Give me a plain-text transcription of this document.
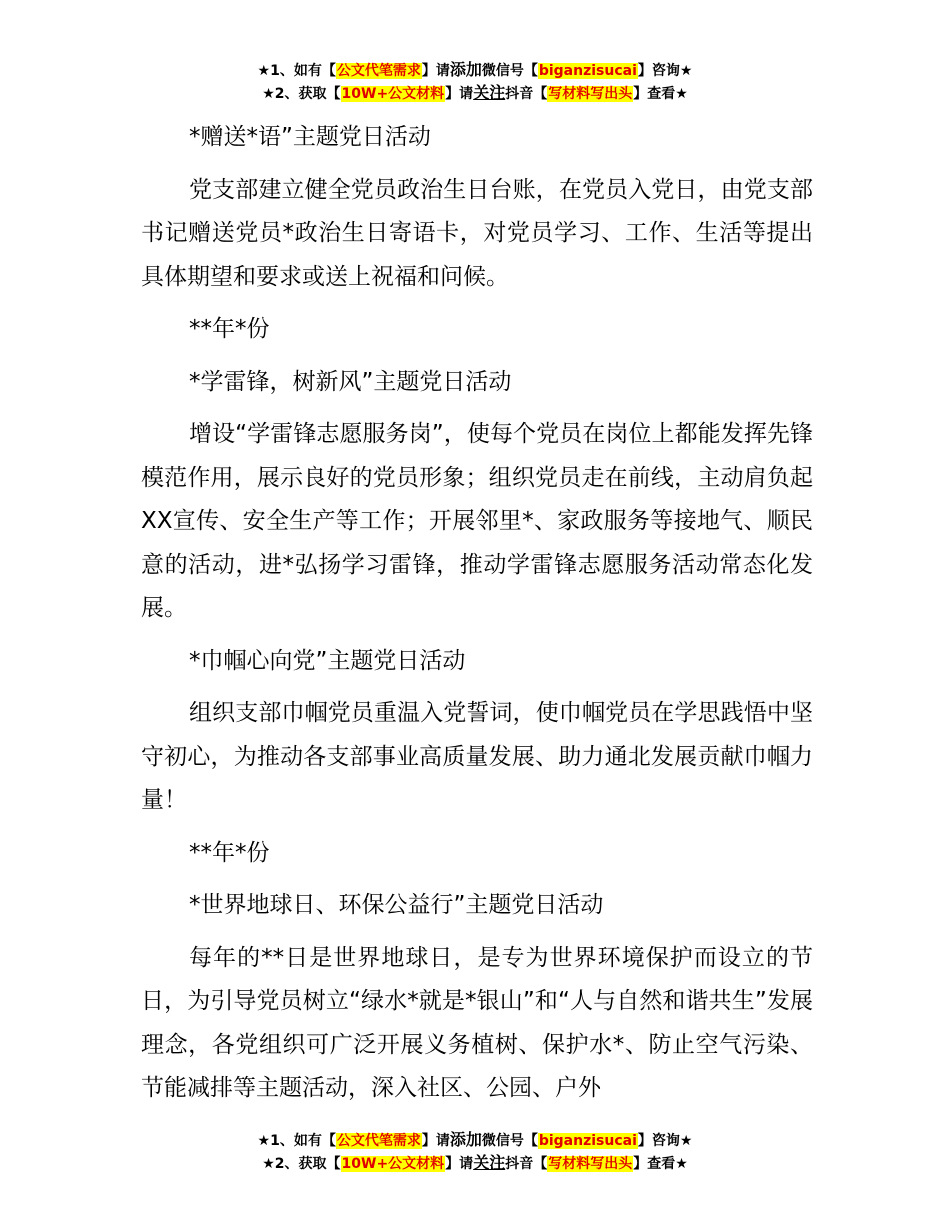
★1、如有【公文代笔需求】请添加微信号【biganzisucai】咨询★
★2、获取【10W+公文材料】请关注抖音【写材料写出头】查看★

*赠送*语”主题党日活动

党支部建立健全党员政治生日台账，在党员入党日，由党支部书记赠送党员*政治生日寄语卡，对党员学习、工作、生活等提出具体期望和要求或送上祝福和问候。

**年*份

*学雷锋，树新风”主题党日活动

增设“学雷锋志愿服务岗”，使每个党员在岗位上都能发挥先锋模范作用，展示良好的党员形象；组织党员走在前线，主动肩负起XX宣传、安全生产等工作；开展邻里*、家政服务等接地气、顺民意的活动，进*弘扬学习雷锋，推动学雷锋志愿服务活动常态化发展。

*巾帼心向党”主题党日活动

组织支部巾帼党员重温入党誓词，使巾帼党员在学思践悟中坚守初心，为推动各支部事业高质量发展、助力通北发展贡献巾帼力量！

**年*份

*世界地球日、环保公益行”主题党日活动

每年的**日是世界地球日，是专为世界环境保护而设立的节日，为引导党员树立“绿水*就是*银山”和“人与自然和谐共生”发展理念，各党组织可广泛开展义务植树、保护水*、防止空气污染、节能减排等主题活动，深入社区、公园、户外

★1、如有【公文代笔需求】请添加微信号【biganzisucai】咨询★
★2、获取【10W+公文材料】请关注抖音【写材料写出头】查看★
